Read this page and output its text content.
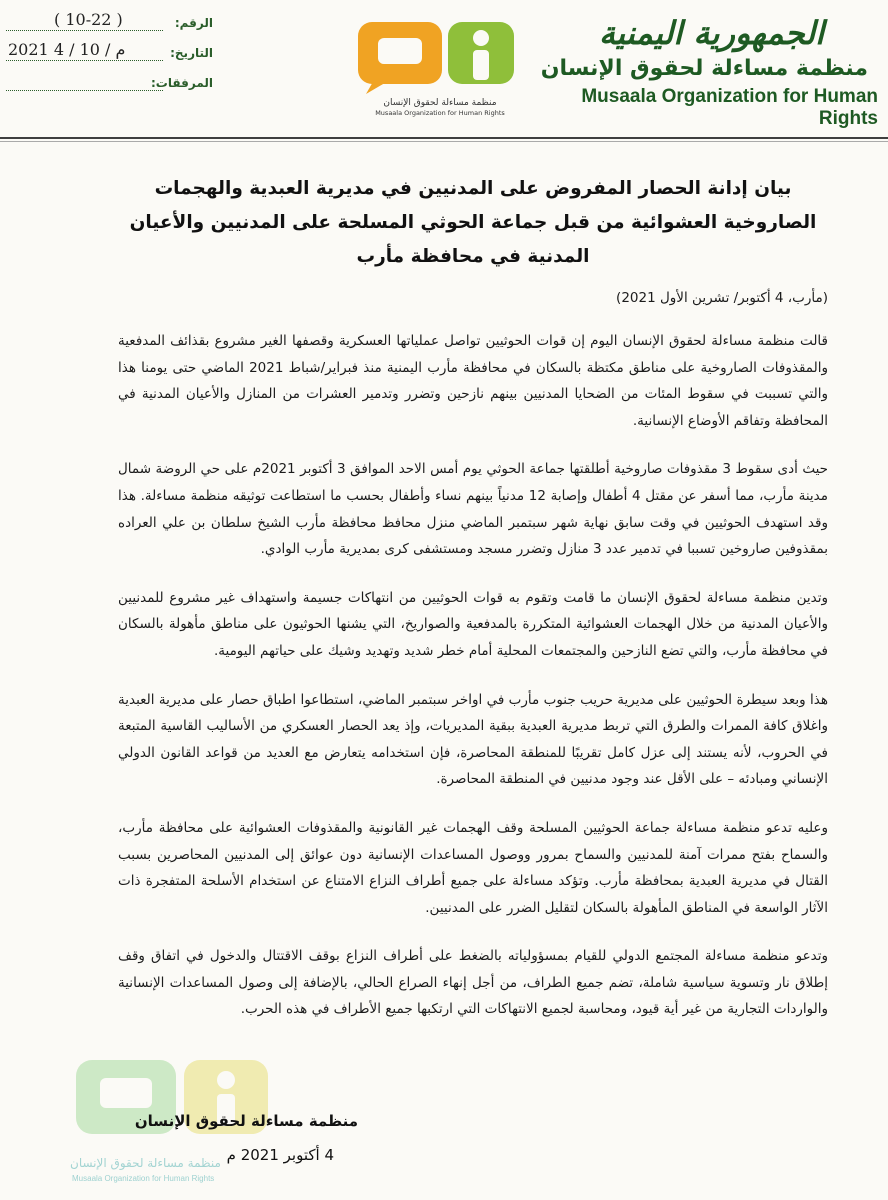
الرقم:
( 10-22 )
التاريخ:
2021 م / 10 / 4
المرفقات:
منظمة مساءلة لحقوق الإنسان
Musaala Organization for Human Rights
الجمهورية اليمنية
منظمة مساءلة لحقوق الإنسان
Musaala Organization for Human Rights
بيان إدانة الحصار المفروض على المدنيين في مديرية العبدية والهجمات الصاروخية العشوائية من قبل جماعة الحوثي المسلحة على المدنيين والأعيان المدنية في محافظة مأرب

(مأرب، 4 أكتوبر/ تشرين الأول 2021)

قالت منظمة مساءلة لحقوق الإنسان اليوم إن قوات الحوثيين تواصل عملياتها العسكرية وقصفها الغير مشروع بقذائف المدفعية والمقذوفات الصاروخية على مناطق مكتظة بالسكان في محافظة مأرب اليمنية منذ فبراير/شباط 2021 الماضي حتى يومنا هذا والتي تسببت في سقوط المئات من الضحايا المدنيين بينهم نازحين وتضرر وتدمير العشرات من المنازل والأعيان المدنية في المحافظة وتفاقم الأوضاع الإنسانية.

حيث أدى سقوط 3 مقذوفات صاروخية أطلقتها جماعة الحوثي يوم أمس الاحد الموافق 3 أكتوبر 2021م على حي الروضة شمال مدينة مأرب، مما أسفر عن مقتل 4 أطفال وإصابة 12 مدنياً بينهم نساء وأطفال بحسب ما استطاعت توثيقه منظمة مساءلة. هذا وقد استهدف الحوثيين في وقت سابق نهاية شهر سبتمبر الماضي منزل محافظ محافظة مأرب الشيخ سلطان بن علي العراده بمقذوفين صاروخين تسببا في تدمير عدد 3 منازل وتضرر مسجد ومستشفى كرى بمديرية مأرب الوادي.

وتدين منظمة مساءلة لحقوق الإنسان ما قامت وتقوم به قوات الحوثيين من انتهاكات جسيمة واستهداف غير مشروع للمدنيين والأعيان المدنية من خلال الهجمات العشوائية المتكررة بالمدفعية والصواريخ، التي يشنها الحوثيون على مناطق مأهولة بالسكان في محافظة مأرب، والتي تضع النازحين والمجتمعات المحلية أمام خطر شديد وتهديد وشيك على حياتهم اليومية.

هذا وبعد سيطرة الحوثيين على مديرية حريب جنوب مأرب في اواخر سبتمبر الماضي، استطاعوا اطباق حصار على مديرية العبدية واغلاق كافة الممرات والطرق التي تربط مديرية العبدية ببقية المديريات، وإذ يعد الحصار العسكري من الأساليب القاسية المتبعة في الحروب، لأنه يستند إلى عزل كامل تقريبًا للمنطقة المحاصرة، فإن استخدامه يتعارض مع العديد من قواعد القانون الدولي الإنساني ومبادئه – على الأقل عند وجود مدنيين في المنطقة المحاصرة.

وعليه تدعو منظمة مساءلة جماعة الحوثيين المسلحة وقف الهجمات غير القانونية والمقذوفات العشوائية على محافظة مأرب، والسماح بفتح ممرات آمنة للمدنيين والسماح بمرور ووصول المساعدات الإنسانية دون عوائق إلى المدنيين المحاصرين بسبب القتال في مديرية العبدية بمحافظة مأرب. وتؤكد مساءلة على جميع أطراف النزاع الامتناع عن استخدام الأسلحة المتفجرة ذات الآثار الواسعة في المناطق المأهولة بالسكان لتقليل الضرر على المدنيين.

وتدعو منظمة مساءلة المجتمع الدولي للقيام بمسؤولياته بالضغط على أطراف النزاع بوقف الاقتتال والدخول في اتفاق وقف إطلاق نار وتسوية سياسية شاملة، تضم جميع الطراف، من أجل إنهاء الصراع الحالي، بالإضافة إلى وصول المساعدات الإنسانية والواردات التجارية من غير أية قيود، ومحاسبة لجميع الانتهاكات التي ارتكبها جميع الأطراف في هذه الحرب.

منظمة مساءلة لحقوق الإنسان
4 أكتوبر 2021 م
منظمة مساءلة لحقوق الإنسان
Musaala Organization for Human Rights
